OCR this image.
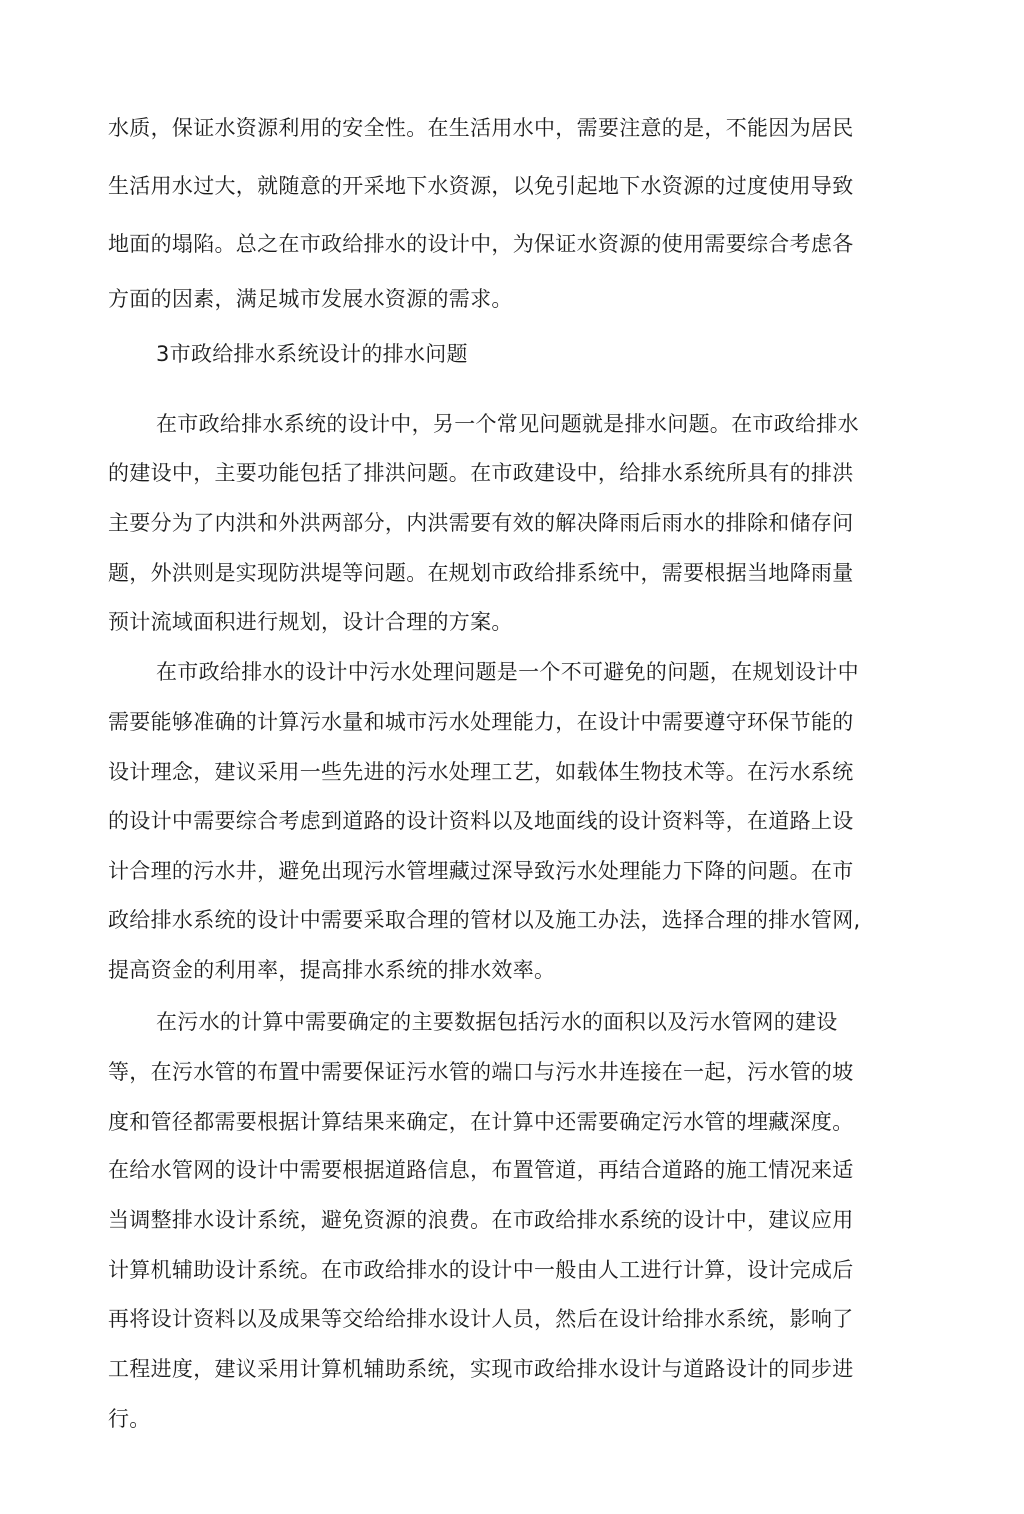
水质，保证水资源利用的安全性。在生活用水中，需要注意的是，不能因为居民
生活用水过大，就随意的开采地下水资源，以免引起地下水资源的过度使用导致
地面的塌陷。总之在市政给排水的设计中，为保证水资源的使用需要综合考虑各
方面的因素，满足城市发展水资源的需求。
3市政给排水系统设计的排水问题
在市政给排水系统的设计中，另一个常见问题就是排水问题。在市政给排水
的建设中，主要功能包括了排洪问题。在市政建设中，给排水系统所具有的排洪
主要分为了内洪和外洪两部分，内洪需要有效的解决降雨后雨水的排除和储存问
题，外洪则是实现防洪堤等问题。在规划市政给排系统中，需要根据当地降雨量
预计流域面积进行规划，设计合理的方案。
在市政给排水的设计中污水处理问题是一个不可避免的问题，在规划设计中
需要能够准确的计算污水量和城市污水处理能力，在设计中需要遵守环保节能的
设计理念，建议采用一些先进的污水处理工艺，如载体生物技术等。在污水系统
的设计中需要综合考虑到道路的设计资料以及地面线的设计资料等，在道路上设
计合理的污水井，避免出现污水管埋藏过深导致污水处理能力下降的问题。在市
政给排水系统的设计中需要采取合理的管材以及施工办法，选择合理的排水管网,
提高资金的利用率，提高排水系统的排水效率。
在污水的计算中需要确定的主要数据包括污水的面积以及污水管网的建设
等，在污水管的布置中需要保证污水管的端口与污水井连接在一起，污水管的坡
度和管径都需要根据计算结果来确定，在计算中还需要确定污水管的埋藏深度。
在给水管网的设计中需要根据道路信息，布置管道，再结合道路的施工情况来适
当调整排水设计系统，避免资源的浪费。在市政给排水系统的设计中，建议应用
计算机辅助设计系统。在市政给排水的设计中一般由人工进行计算，设计完成后
再将设计资料以及成果等交给给排水设计人员，然后在设计给排水系统，影响了
工程进度，建议采用计算机辅助系统，实现市政给排水设计与道路设计的同步进
行。
